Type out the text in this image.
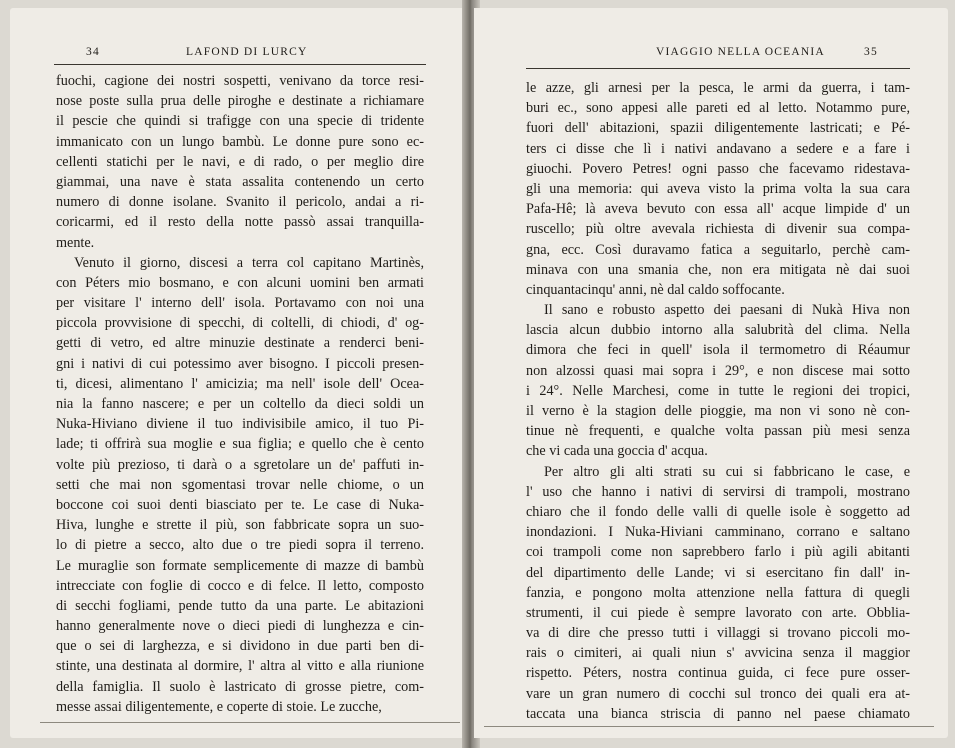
34	LAFOND DI LURCY
fuochi, cagione dei nostri sospetti, venivano da torce resi-
nose poste sulla prua delle piroghe e destinate a richiamare
il pescie che quindi si trafigge con una specie di tridente
immanicato con un lungo bambù. Le donne pure sono ec-
cellenti statichi per le navi, e di rado, o per meglio dire
giammai, una nave è stata assalita contenendo un certo
numero di donne isolane. Svanito il pericolo, andai a ri-
coricarmi, ed il resto della notte passò assai tranquilla-
mente.
Venuto il giorno, discesi a terra col capitano Martinès,
con Péters mio bosmano, e con alcuni uomini ben armati
per visitare l' interno dell' isola. Portavamo con noi una
piccola provvisione di specchi, di coltelli, di chiodi, d' og-
getti di vetro, ed altre minuzie destinate a renderci beni-
gni i nativi di cui potessimo aver bisogno. I piccoli presen-
ti, dicesi, alimentano l' amicizia; ma nell' isole dell' Ocea-
nia la fanno nascere; e per un coltello da dieci soldi un
Nuka-Hiviano diviene il tuo indivisibile amico, il tuo Pi-
lade; ti offrirà sua moglie e sua figlia; e quello che è cento
volte più prezioso, ti darà o a sgretolare un de' paffuti in-
setti che mai non sgomentasi trovar nelle chiome, o un
boccone coi suoi denti biasciato per te. Le case di Nuka-
Hiva, lunghe e strette il più, son fabbricate sopra un suo-
lo di pietre a secco, alto due o tre piedi sopra il terreno.
Le muraglie son formate semplicemente di mazze di bambù
intrecciate con foglie di cocco e di felce. Il letto, composto
di secchi fogliami, pende tutto da una parte. Le abitazioni
hanno generalmente nove o dieci piedi di lunghezza e cin-
que o sei di larghezza, e si dividono in due parti ben di-
stinte, una destinata al dormire, l' altra al vitto e alla riunione
della famiglia. Il suolo è lastricato di grosse pietre, com-
messe assai diligentemente, e coperte di stoie. Le zucche,
VIAGGIO NELLA OCEANIA	35
le azze, gli arnesi per la pesca, le armi da guerra, i tam-
buri ec., sono appesi alle pareti ed al letto. Notammo pure,
fuori dell' abitazioni, spazii diligentemente lastricati; e Pé-
ters ci disse che lì i nativi andavano a sedere e a fare i
giuochi. Povero Petres! ogni passo che facevamo ridestava-
gli una memoria: qui aveva visto la prima volta la sua cara
Pafa-Hê; là aveva bevuto con essa all' acque limpide d' un
ruscello; più oltre avevala richiesta di divenir sua compa-
gna, ecc. Così duravamo fatica a seguitarlo, perchè cam-
minava con una smania che, non era mitigata nè dai suoi
cinquantacinqu' anni, nè dal caldo soffocante.
Il sano e robusto aspetto dei paesani di Nukà Hiva non
lascia alcun dubbio intorno alla salubrità del clima. Nella
dimora che feci in quell' isola il termometro di Réaumur
non alzossi quasi mai sopra i 29°, e non discese mai sotto
i 24°. Nelle Marchesi, come in tutte le regioni dei tropici,
il verno è la stagion delle pioggie, ma non vi sono nè con-
tinue nè frequenti, e qualche volta passan più mesi senza
che vi cada una goccia d' acqua.
Per altro gli alti strati su cui si fabbricano le case, e
l' uso che hanno i nativi di servirsi di trampoli, mostrano
chiaro che il fondo delle valli di quelle isole è soggetto ad
inondazioni. I Nuka-Hiviani camminano, corrano e saltano
coi trampoli come non saprebbero farlo i più agili abitanti
del dipartimento delle Lande; vi si esercitano fin dall' in-
fanzia, e pongono molta attenzione nella fattura di quegli
strumenti, il cui piede è sempre lavorato con arte. Obblia-
va di dire che presso tutti i villaggi si trovano piccoli mo-
rais o cimiteri, ai quali niun s' avvicina senza il maggior
rispetto. Péters, nostra continua guida, ci fece pure osser-
vare un gran numero di cocchi sul tronco dei quali era at-
taccata una bianca striscia di panno nel paese chiamato
